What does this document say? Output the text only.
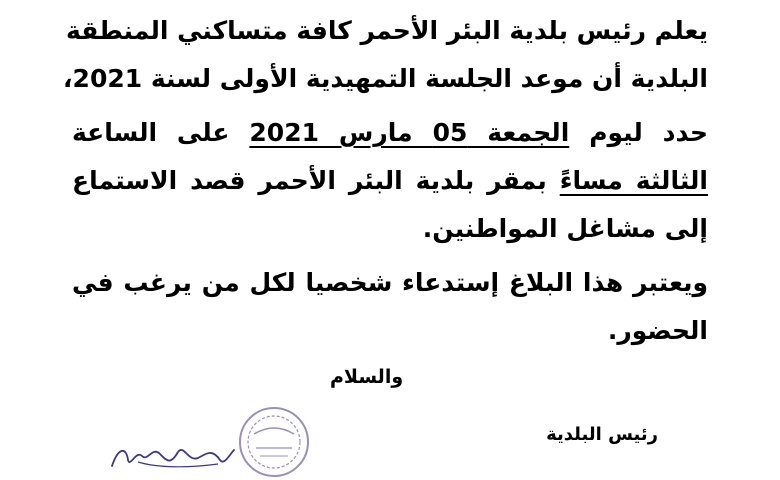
يعلم رئيس بلدية البئر الأحمر كافة متساكني المنطقة
البلدية أن موعد الجلسة التمهيدية الأولى لسنة 2021،
حدد ليوم الجمعة 05 مارس 2021 على الساعة
الثالثة مساءً بمقر بلدية البئر الأحمر قصد الاستماع
إلى مشاغل المواطنين.
ويعتبر هذا البلاغ إستدعاء شخصيا لكل من يرغب في
الحضور.
والسلام
رئيس البلدية
